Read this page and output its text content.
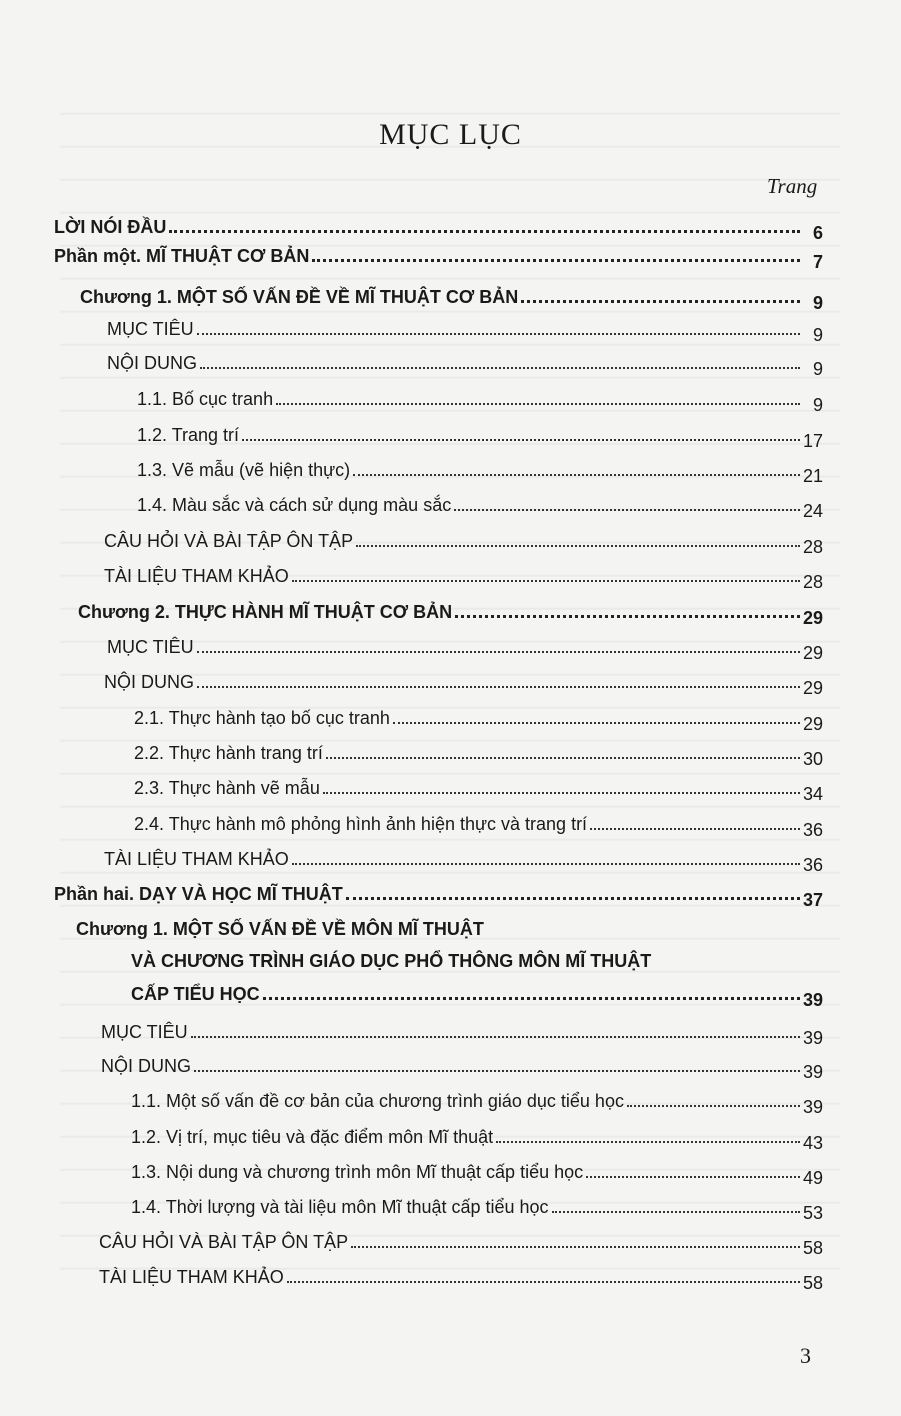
MỤC LỤC
Trang
LỜI NÓI ĐẦU	6
Phần một. MĨ THUẬT CƠ BẢN	7
Chương 1. MỘT SỐ VẤN ĐỀ VỀ MĨ THUẬT CƠ BẢN	9
MỤC TIÊU	9
NỘI DUNG	9
1.1. Bố cục tranh	9
1.2. Trang trí	17
1.3. Vẽ mẫu (vẽ hiện thực)	21
1.4. Màu sắc và cách sử dụng màu sắc	24
CÂU HỎI VÀ BÀI TẬP ÔN TẬP	28
TÀI LIỆU THAM KHẢO	28
Chương 2. THỰC HÀNH MĨ THUẬT CƠ BẢN	29
MỤC TIÊU	29
NỘI DUNG	29
2.1. Thực hành tạo bố cục tranh	29
2.2. Thực hành trang trí	30
2.3. Thực hành vẽ mẫu	34
2.4. Thực hành mô phỏng hình ảnh hiện thực và trang trí	36
TÀI LIỆU THAM KHẢO	36
Phần hai. DẠY VÀ HỌC MĨ THUẬT	37
Chương 1. MỘT SỐ VẤN ĐỀ VỀ MÔN MĨ THUẬT
VÀ CHƯƠNG TRÌNH GIÁO DỤC PHỔ THÔNG MÔN MĨ THUẬT
CẤP TIỂU HỌC	39
MỤC TIÊU	39
NỘI DUNG	39
1.1. Một số vấn đề cơ bản của chương trình giáo dục tiểu học	39
1.2. Vị trí, mục tiêu và đặc điểm môn Mĩ thuật	43
1.3. Nội dung và chương trình môn Mĩ thuật cấp tiểu học	49
1.4. Thời lượng và tài liệu môn Mĩ thuật cấp tiểu học	53
CÂU HỎI VÀ BÀI TẬP ÔN TẬP	58
TÀI LIỆU THAM KHẢO	58
3
